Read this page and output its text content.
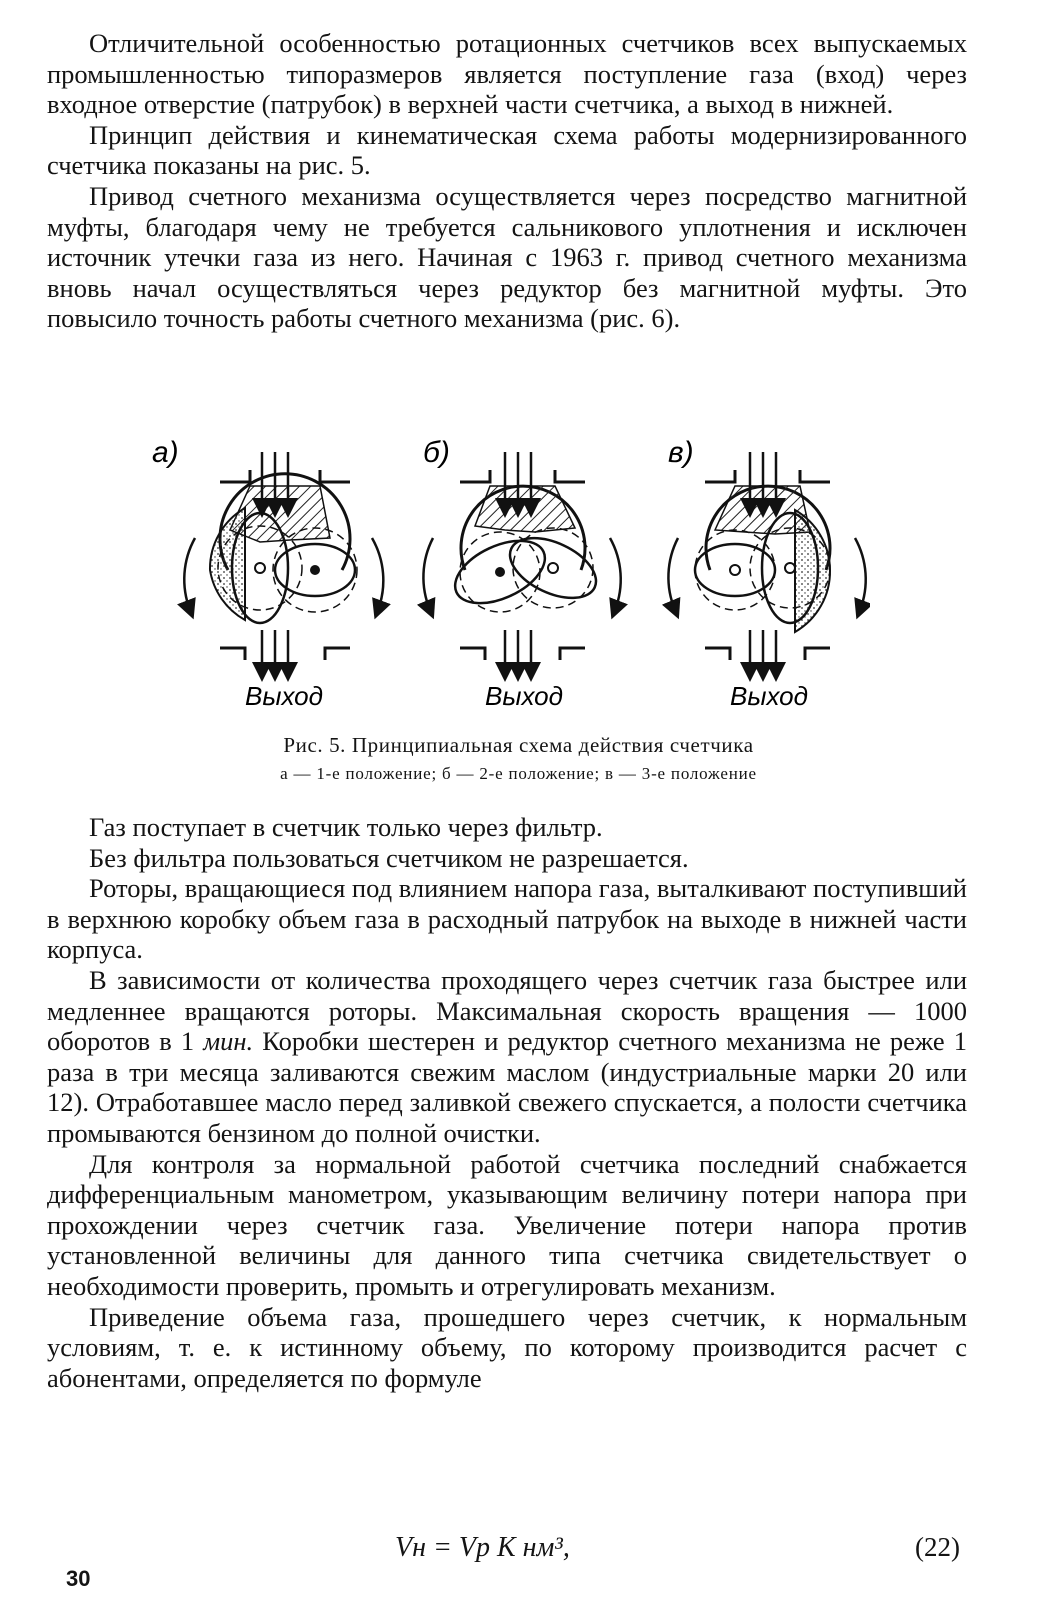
Отличительной особенностью ротационных счетчиков всех выпускаемых промышленностью типоразмеров является поступление газа (вход) через входное отверстие (патрубок) в верхней части счетчика, а выход в нижней.

Принцип действия и кинематическая схема работы модернизированного счетчика показаны на рис. 5.

Привод счетного механизма осуществляется через посредство магнитной муфты, благодаря чему не требуется сальникового уплотнения и исключен источник утечки газа из него. Начиная с 1963 г. привод счетного механизма вновь начал осуществляться через редуктор без магнитной муфты. Это повысило точность работы счетного механизма (рис. 6).

а)
Выход
б)
Выход
в)
Выход
Рис. 5. Принципиальная схема действия счетчика
а — 1-е положение; б — 2-е положение; в — 3-е положение

Газ поступает в счетчик только через фильтр.

Без фильтра пользоваться счетчиком не разрешается.

Роторы, вращающиеся под влиянием напора газа, выталкивают поступивший в верхнюю коробку объем газа в расходный патрубок на выходе в нижней части корпуса.

В зависимости от количества проходящего через счетчик газа быстрее или медленнее вращаются роторы. Максимальная скорость вращения — 1000 оборотов в 1 мин. Коробки шестерен и редуктор счетного механизма не реже 1 раза в три месяца заливаются свежим маслом (индустриальные марки 20 или 12). Отработавшее масло перед заливкой свежего спускается, а полости счетчика промываются бензином до полной очистки.

Для контроля за нормальной работой счетчика последний снабжается дифференциальным манометром, указывающим величину потери напора при прохождении через счетчик газа. Увеличение потери напора против установленной величины для данного типа счетчика свидетельствует о необходимости проверить, промыть и отрегулировать механизм.

Приведение объема газа, прошедшего через счетчик, к нормальным условиям, т. е. к истинному объему, по которому производится расчет с абонентами, определяется по формуле

Vн = Vр K нм³,	(22)
30
